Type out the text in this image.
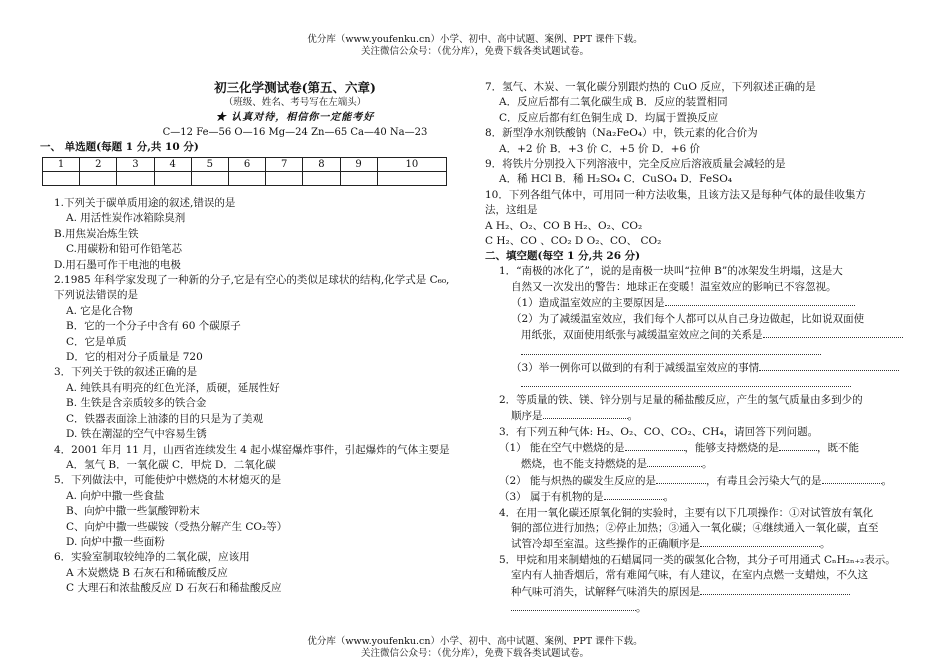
优分库（www.youfenku.cn）小学、初中、高中试题、案例、PPT 课件下载。
关注微信公众号：（优分库），免费下载各类试题试卷。
初三化学测试卷(第五、六章)
（班级、姓名、考号写在左端头）
★ 认真对待，相信你一定能考好
C—12 Fe—56 O—16 Mg—24 Zn—65 Ca—40 Na—23
一、 单选题(每题 1 分,共 10 分)
1	2	3	4	5	6	7	8	9	10

1.下列关于碳单质用途的叙述,错误的是
A. 用活性炭作冰箱除臭剂
B.用焦炭冶炼生铁
C.用碳粉和铅可作铅笔芯
D.用石墨可作干电池的电极
2.1985 年科学家发现了一种新的分子,它是有空心的类似足球状的结构,化学式是 C₆₀,
下列说法错误的是
A. 它是化合物
B．它的一个分子中含有 60 个碳原子
C．它是单质
D．它的相对分子质量是 720
3．下列关于铁的叙述正确的是
A. 纯铁具有明亮的红色光泽，质硬，延展性好
B. 生铁是含亲质较多的铁合金
C．铁器表面涂上油漆的目的只是为了美观
D. 铁在潮湿的空气中容易生锈
4．2001 年月 11 月，山西省连续发生 4 起小煤窑爆炸事件，引起爆炸的气体主要是
A．氢气 B．一氧化碳 C．甲烷 D．二氧化碳
5．下列做法中，可能使炉中燃烧的木材熄灭的是
A. 向炉中撒一些食盐
B、向炉中撒一些氯酸钾粉末
C、向炉中撒一些碳铵（受热分解产生 CO₂等）
D. 向炉中撒一些面粉
6．实验室制取较纯净的二氧化碳，应该用
A 木炭燃烧 B 石灰石和稀硫酸反应
C 大理石和浓盐酸反应 D 石灰石和稀盐酸反应
7．氢气、木炭、一氧化碳分别跟灼热的 CuO 反应，下列叙述正确的是
A．反应后都有二氧化碳生成 B．反应的装置相同
C．反应后都有红色铜生成 D．均属于置换反应
8．新型净水剂铁酸钠（Na₂FeO₄）中，铁元素的化合价为
A．+2 价 B．+3 价 C．+5 价 D．+6 价
9．将铁片分别投入下列溶液中，完全反应后溶液质量会减轻的是
A．稀 HCl B．稀 H₂SO₄ C．CuSO₄ D．FeSO₄
10．下列各组气体中，可用同一种方法收集，且该方法又是每种气体的最佳收集方
法，这组是
A H₂、O₂、CO B H₂、O₂、CO₂
C H₂、CO 、CO₂ D O₂、CO、 CO₂
二、填空题(每空 1 分,共 26 分)
1．“南极的冰化了”，说的是南极一块叫“拉伸 B”的冰架发生坍塌，这是大
自然又一次发出的警告：地球正在变暖！温室效应的影响已不容忽视。
（1）造成温室效应的主要原因是
（2）为了减缓温室效应，我们每个人都可以从自己身边做起，比如说双面使
用纸张，双面使用纸张与减缓温室效应之间的关系是
（3）举一例你可以做到的有利于减缓温室效应的事情
2．等质量的铁、镁、锌分别与足量的稀盐酸反应，产生的氢气质量由多到少的
顺序是	。
3．有下列五种气体: H₂、O₂、CO、CO₂、CH₄，请回答下列问题。
（1） 能在空气中燃烧的是	，能够支持燃烧的是	，既不能
燃烧，也不能支持燃烧的是	。
（2） 能与炽热的碳发生反应的是	，有毒且会污染大气的是	。
（3） 属于有机物的是	。
4．在用一氧化碳还原氧化铜的实验时，主要有以下几项操作：①对试管放有氧化
铜的部位进行加热；②停止加热；③通入一氧化碳；④继续通入一氧化碳，直至
试管冷却至室温。这些操作的正确顺序是	。
5．甲烷和用来制蜡烛的石蜡属同一类的碳氢化合物，其分子可用通式 CₙH₂ₙ₊₂表示。
室内有人抽香烟后，常有难闻气味，有人建议，在室内点燃一支蜡烛，不久这
种气味可消失，试解释气味消失的原因是
。
优分库（www.youfenku.cn）小学、初中、高中试题、案例、PPT 课件下载。
关注微信公众号：（优分库），免费下载各类试题试卷。
